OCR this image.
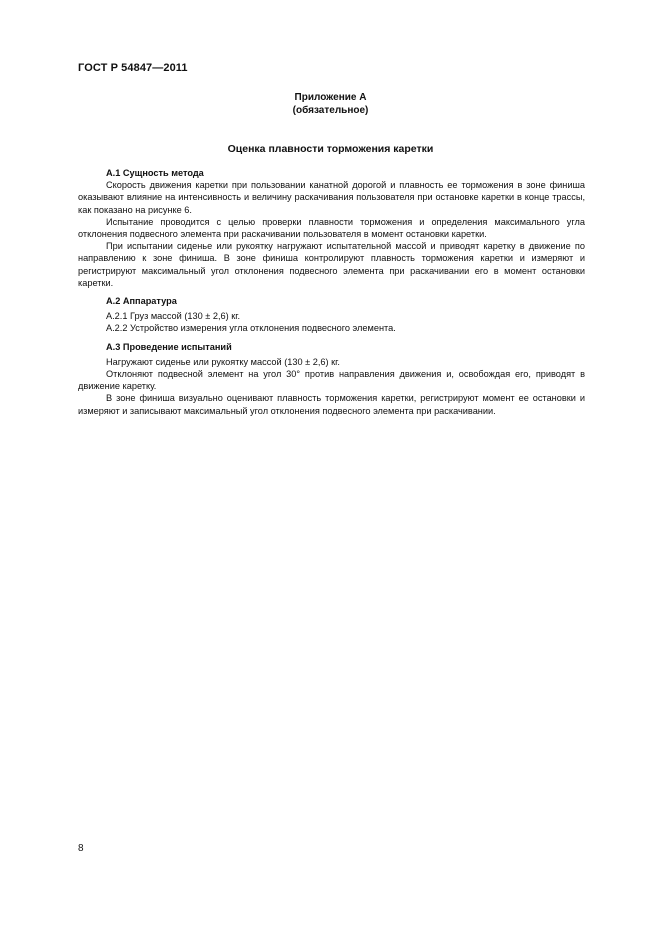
ГОСТ Р 54847—2011
Приложение А
(обязательное)
Оценка плавности торможения каретки
А.1 Сущность метода

Скорость движения каретки при пользовании канатной дорогой и плавность ее торможения в зоне финиша оказывают влияние на интенсивность и величину раскачивания пользователя при остановке каретки в конце трассы, как показано на рисунке 6.

Испытание проводится с целью проверки плавности торможения и определения максимального угла отклонения подвесного элемента при раскачивании пользователя в момент остановки каретки.

При испытании сиденье или рукоятку нагружают испытательной массой и приводят каретку в движение по направлению к зоне финиша. В зоне финиша контролируют плавность торможения каретки и измеряют и регистрируют максимальный угол отклонения подвесного элемента при раскачивании его в момент остановки каретки.

А.2 Аппаратура

А.2.1 Груз массой (130 ± 2,6) кг.

А.2.2 Устройство измерения угла отклонения подвесного элемента.

А.3 Проведение испытаний

Нагружают сиденье или рукоятку массой (130 ± 2,6) кг.

Отклоняют подвесной элемент на угол 30° против направления движения и, освобождая его, приводят в движение каретку.

В зоне финиша визуально оценивают плавность торможения каретки, регистрируют момент ее остановки и измеряют и записывают максимальный угол отклонения подвесного элемента при раскачивании.

8
